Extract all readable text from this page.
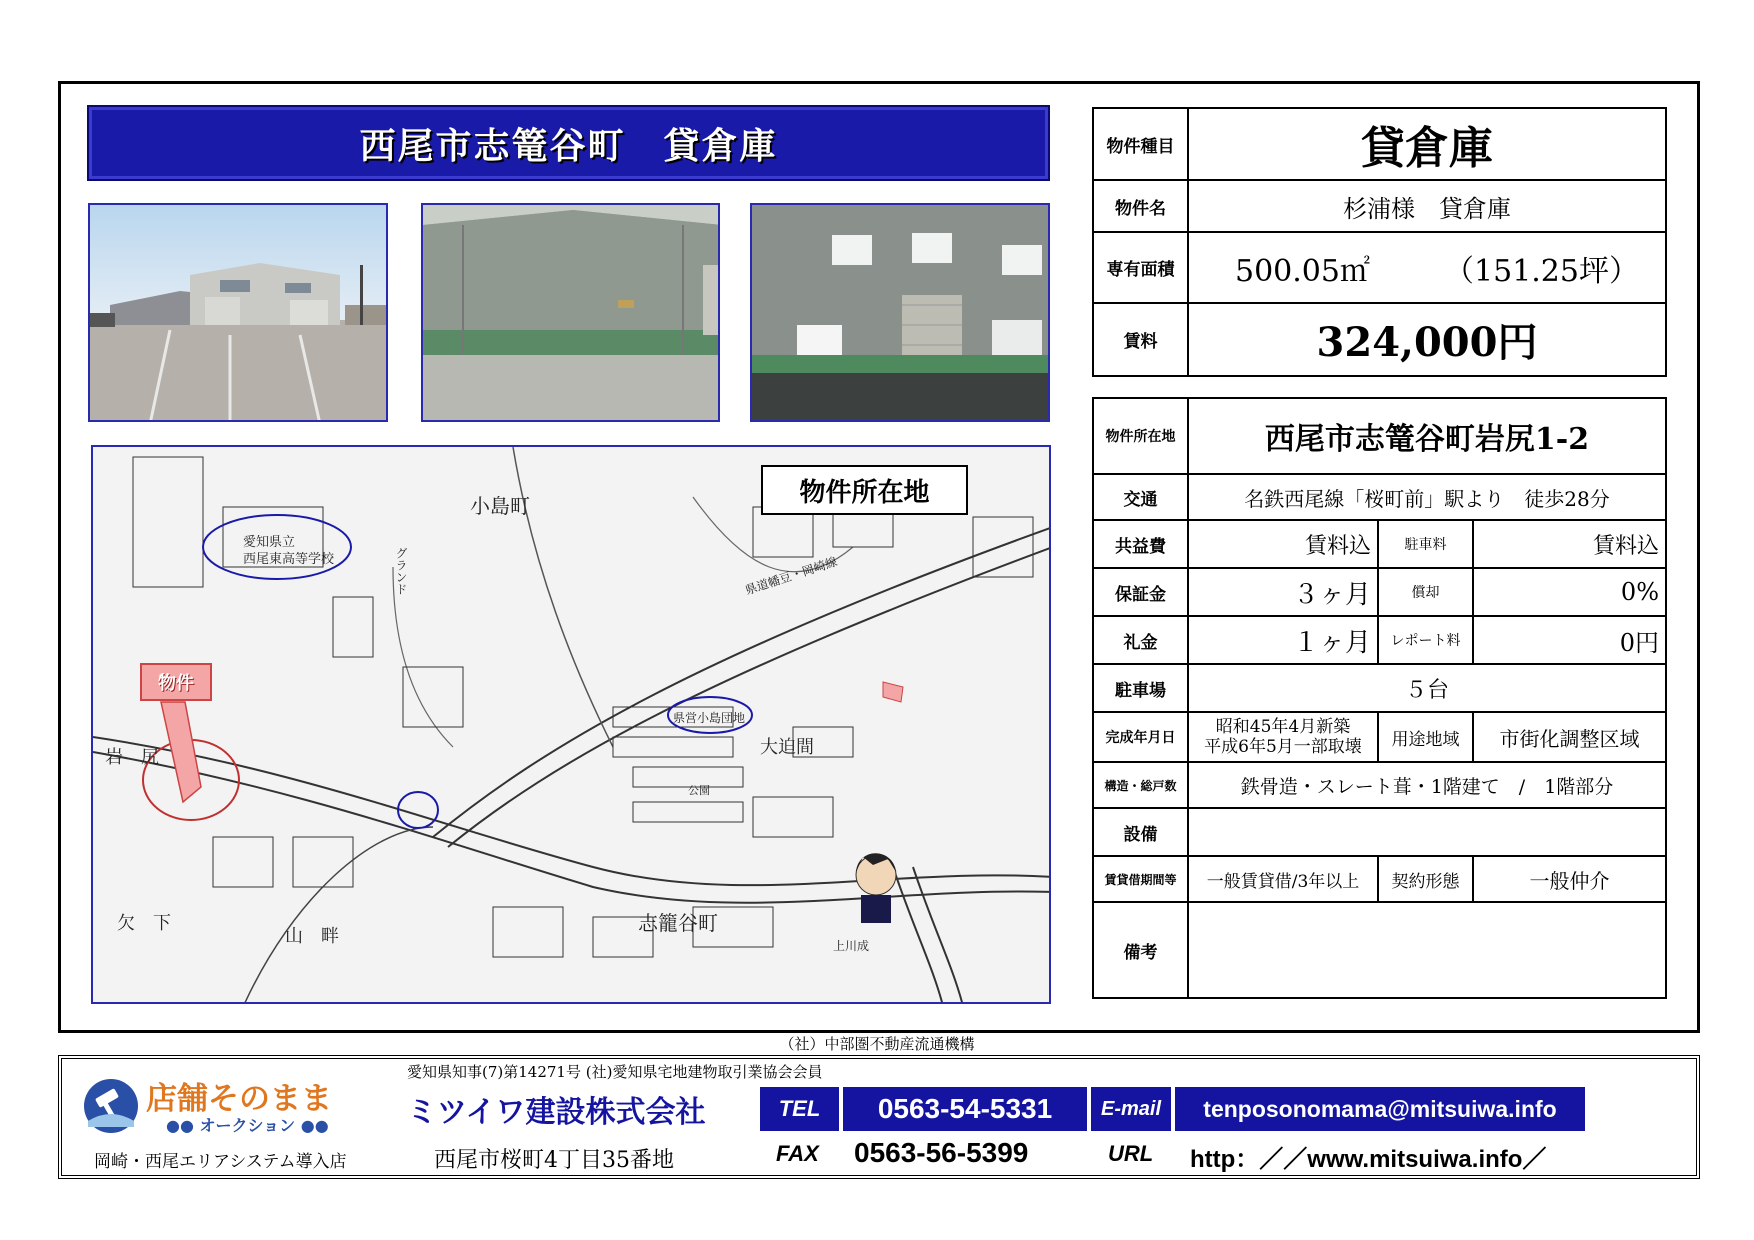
西尾市志篭谷町　貸倉庫
小島町
志籠谷町
大迫間
岩　尻
欠　下
山　畔
愛知県立
西尾東高等学校	グランド
県営小島団地
県道幡豆・岡崎線
公園
上川成
物件所在地
物件
物件種目	貸倉庫
物件名	杉浦様　貸倉庫
専有面積	500.05㎡ （151.25坪）

賃料	324,000円
物件所在地	西尾市志篭谷町岩尻1-2		
交通	名鉄西尾線「桜町前」駅より　徒歩28分		
共益費	賃料込	駐車料	賃料込
保証金	３ヶ月	償却	0%
礼金	１ヶ月	レポート料	0円
駐車場	５台		
完成年月日	昭和45年4月新築
平成6年5月一部取壊	用途地域	市街化調整区域
構造・総戸数	鉄骨造・スレート葺・1階建て　/　1階部分		
設備			
賃貸借期間等	一般賃貸借/3年以上	契約形態	一般仲介
備考			
（社）中部圏不動産流通機構
店舗そのまま
●● オークション ●●
岡崎・西尾エリアシステム導入店
愛知県知事(7)第14271号 (社)愛知県宅地建物取引業協会会員
ミツイワ建設株式会社
西尾市桜町4丁目35番地
TEL	0563-54-5331	E-mail	tenposonomama@mitsuiwa.info
FAX 0563-56-5399	URL http：／／www.mitsuiwa.info／
